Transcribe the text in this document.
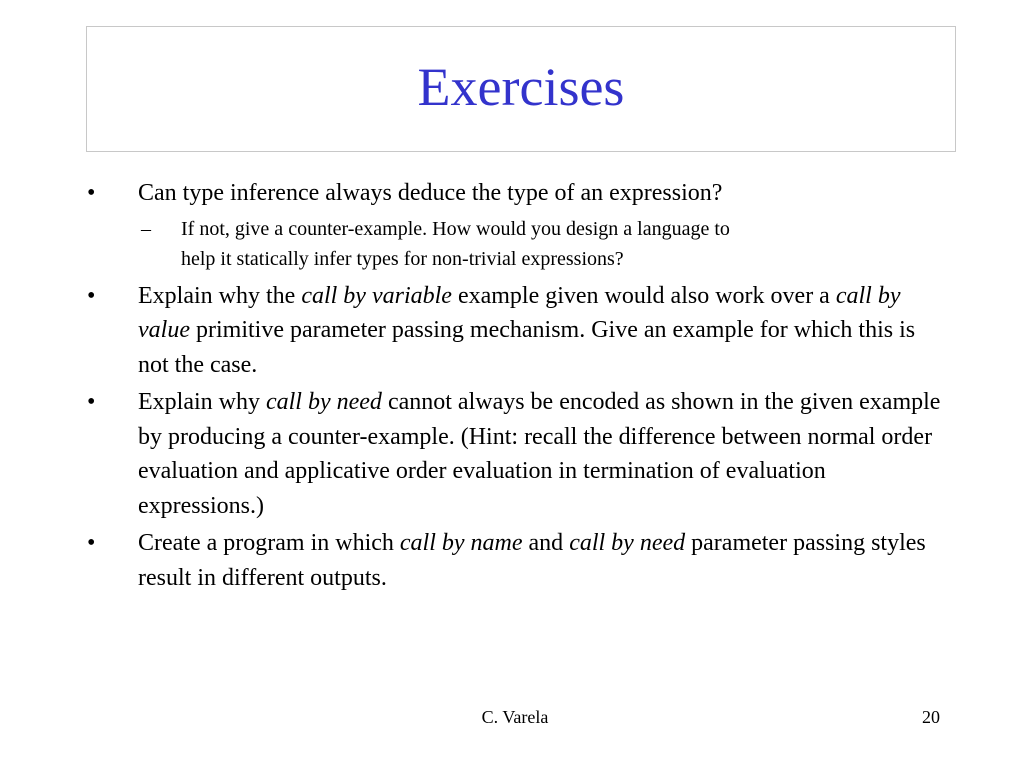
Exercises
•	Can type inference always deduce the type of an expression?
– If not, give a counter-example. How would you design a language to
help it statically infer types for non-trivial expressions?
•	Explain why the call by variable example given would also work over a call by value primitive parameter passing mechanism. Give an example for which this is not the case.
•	Explain why call by need cannot always be encoded as shown in the given example by producing a counter-example. (Hint: recall the difference between normal order evaluation and applicative order evaluation in termination of evaluation expressions.)
•	Create a program in which call by name and call by need parameter passing styles result in different outputs.
C. Varela	20
